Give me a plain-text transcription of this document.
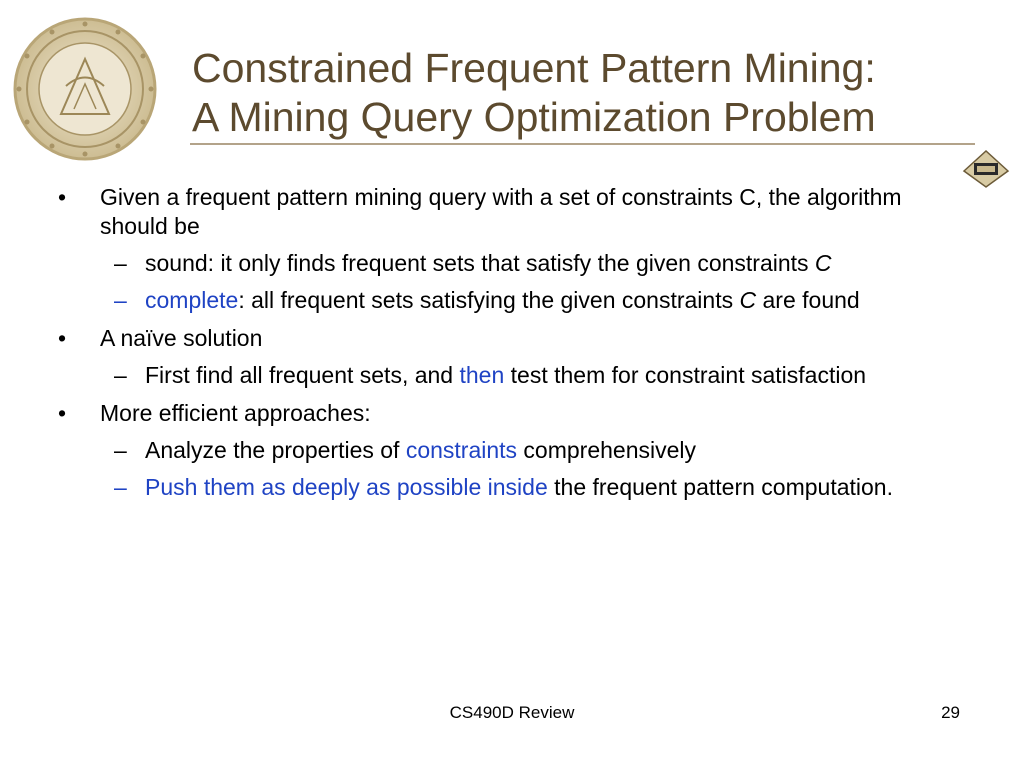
Constrained Frequent Pattern Mining:
A Mining Query Optimization Problem
•	Given a frequent pattern mining query with a set of constraints C, the algorithm should be
– sound: it only finds frequent sets that satisfy the given constraints C
– complete: all frequent sets satisfying the given constraints C are found
•	A naïve solution
– First find all frequent sets, and then test them for constraint satisfaction
•	More efficient approaches:
– Analyze the properties of constraints comprehensively
– Push them as deeply as possible inside the frequent pattern computation.
CS490D Review	29
